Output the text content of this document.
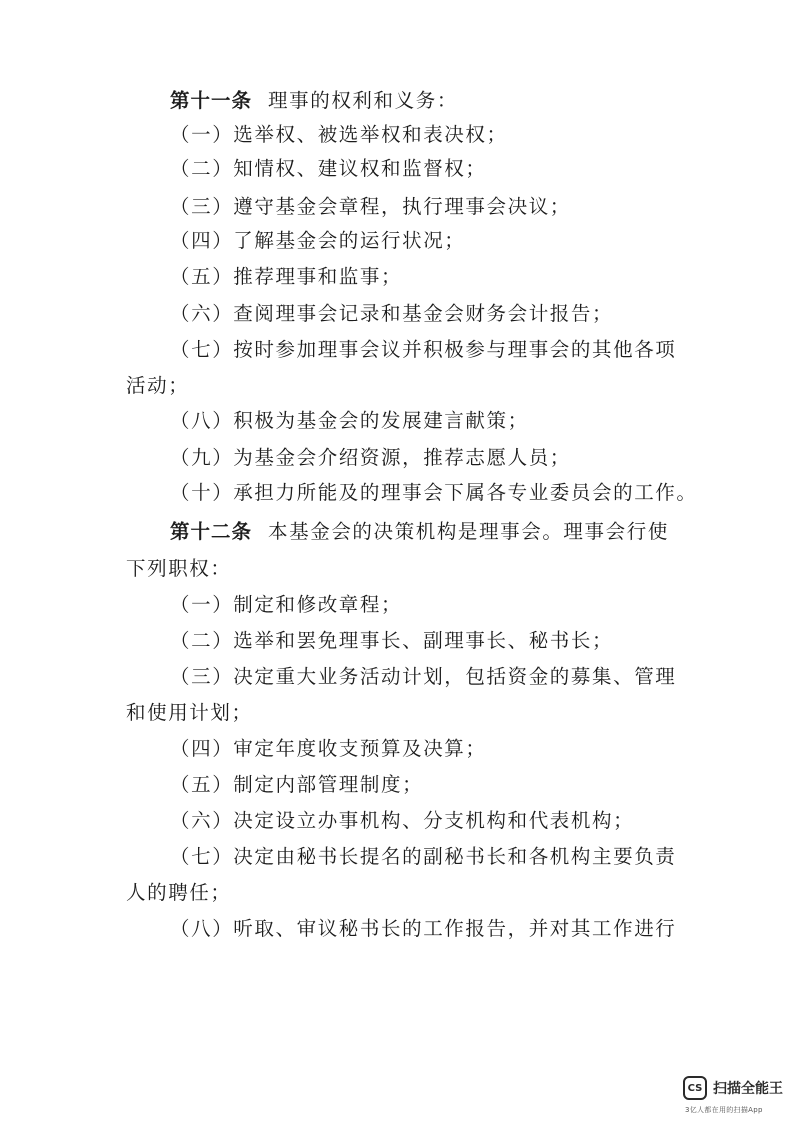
第十一条 理事的权利和义务：
（一）选举权、被选举权和表决权；
（二）知情权、建议权和监督权；
（三）遵守基金会章程，执行理事会决议；
（四）了解基金会的运行状况；
（五）推荐理事和监事；
（六）查阅理事会记录和基金会财务会计报告；
（七）按时参加理事会议并积极参与理事会的其他各项
活动；
（八）积极为基金会的发展建言献策；
（九）为基金会介绍资源，推荐志愿人员；
（十）承担力所能及的理事会下属各专业委员会的工作。
第十二条 本基金会的决策机构是理事会。理事会行使
下列职权：
（一）制定和修改章程；
（二）选举和罢免理事长、副理事长、秘书长；
（三）决定重大业务活动计划，包括资金的募集、管理
和使用计划；
（四）审定年度收支预算及决算；
（五）制定内部管理制度；
（六）决定设立办事机构、分支机构和代表机构；
（七）决定由秘书长提名的副秘书长和各机构主要负责
人的聘任；
（八）听取、审议秘书长的工作报告，并对其工作进行
CS 扫描全能王
3亿人都在用的扫描App
